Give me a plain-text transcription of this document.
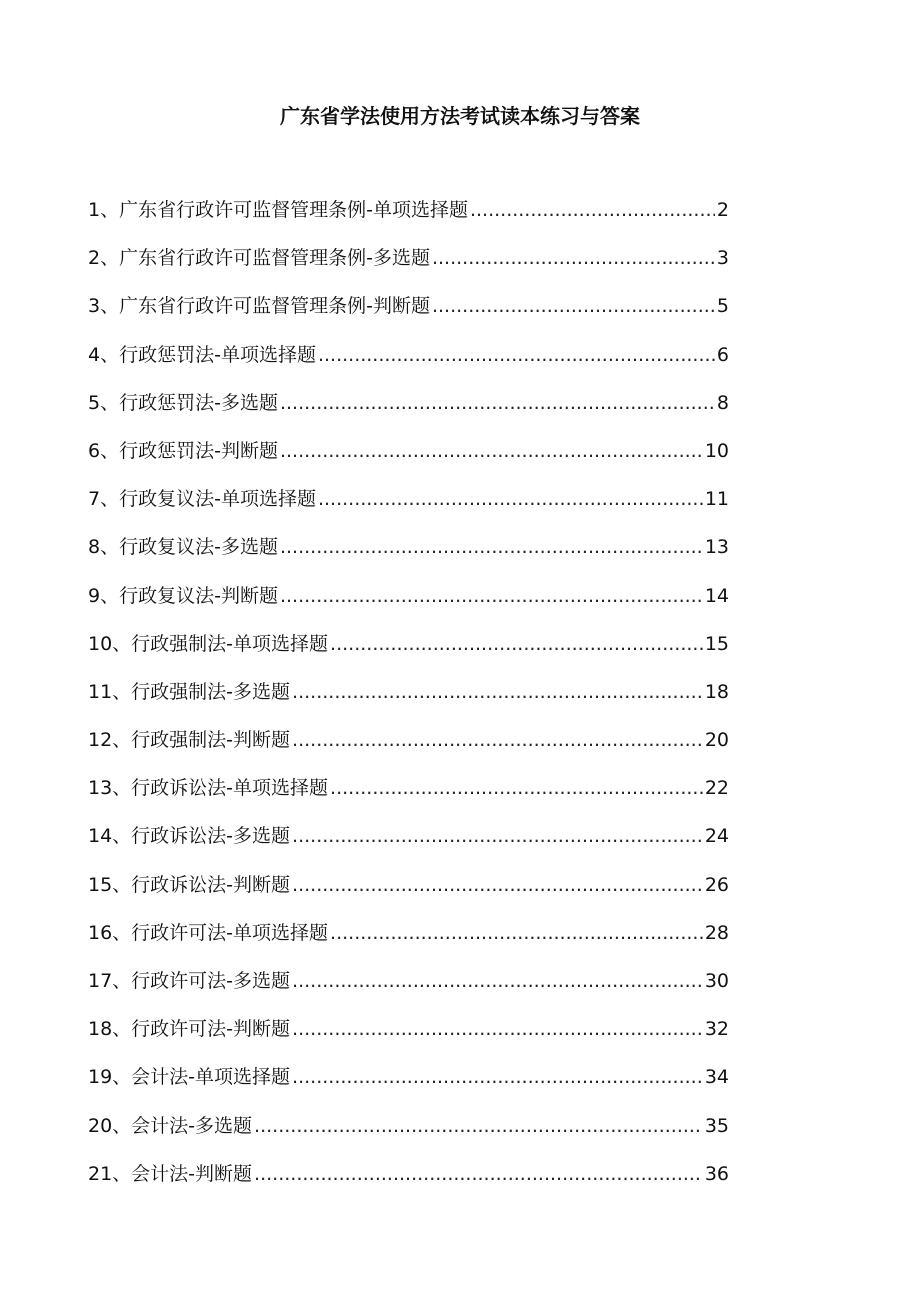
广东省学法使用方法考试读本练习与答案
1、广东省行政许可监督管理条例-单项选择题 .....	2
2、广东省行政许可监督管理条例-多选题 .....	3
3、广东省行政许可监督管理条例-判断题 .....	5
4、行政惩罚法-单项选择题 .....	6
5、行政惩罚法-多选题 .....	8
6、行政惩罚法-判断题 .....	10
7、行政复议法-单项选择题 .....	11
8、行政复议法-多选题 .....	13
9、行政复议法-判断题 .....	14
10、行政强制法-单项选择题 .....	15
11、行政强制法-多选题 .....	18
12、行政强制法-判断题 .....	20
13、行政诉讼法-单项选择题 .....	22
14、行政诉讼法-多选题 .....	24
15、行政诉讼法-判断题 .....	26
16、行政许可法-单项选择题 .....	28
17、行政许可法-多选题 .....	30
18、行政许可法-判断题 .....	32
19、会计法-单项选择题 .....	34
20、会计法-多选题 .....	35
21、会计法-判断题 .....	36
